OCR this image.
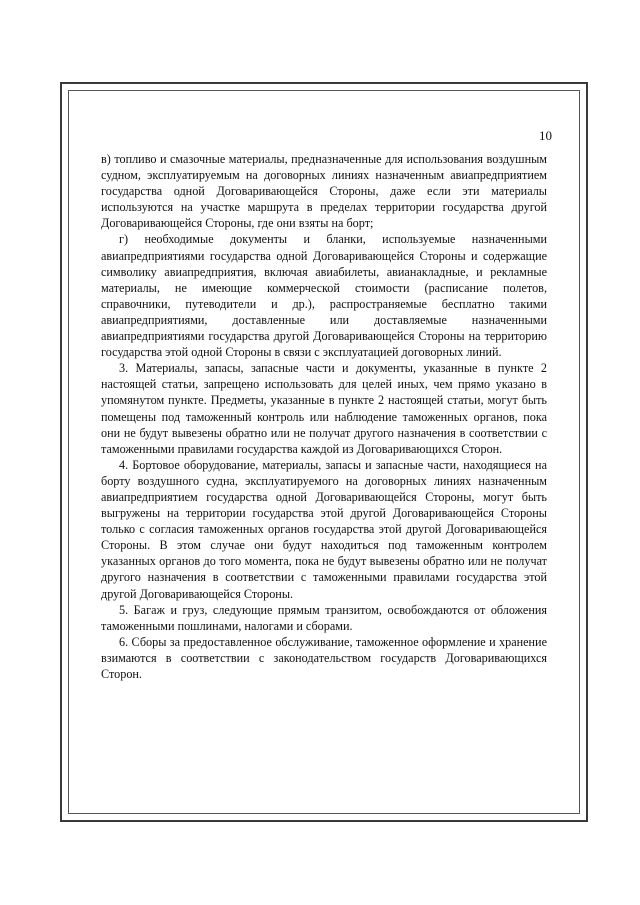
10

в) топливо и смазочные материалы, предназначенные для использования воздушным судном, эксплуатируемым на договорных линиях назначенным авиапредприятием государства одной Договаривающейся Стороны, даже если эти материалы используются на участке маршрута в пределах территории государства другой Договаривающейся Стороны, где они взяты на борт;

г) необходимые документы и бланки, используемые назначенными авиапредприятиями государства одной Договаривающейся Стороны и содержащие символику авиапредприятия, включая авиабилеты, авианакладные, и рекламные материалы, не имеющие коммерческой стоимости (расписание полетов, справочники, путеводители и др.), распространяемые бесплатно такими авиапредприятиями, доставленные или доставляемые назначенными авиапредприятиями государства другой Договаривающейся Стороны на территорию государства этой одной Стороны в связи с эксплуатацией договорных линий.

3. Материалы, запасы, запасные части и документы, указанные в пункте 2 настоящей статьи, запрещено использовать для целей иных, чем прямо указано в упомянутом пункте. Предметы, указанные в пункте 2 настоящей статьи, могут быть помещены под таможенный контроль или наблюдение таможенных органов, пока они не будут вывезены обратно или не получат другого назначения в соответствии с таможенными правилами государства каждой из Договаривающихся Сторон.

4. Бортовое оборудование, материалы, запасы и запасные части, находящиеся на борту воздушного судна, эксплуатируемого на договорных линиях назначенным авиапредприятием государства одной Договаривающейся Стороны, могут быть выгружены на территории государства этой другой Договаривающейся Стороны только с согласия таможенных органов государства этой другой Договаривающейся Стороны. В этом случае они будут находиться под таможенным контролем указанных органов до того момента, пока не будут вывезены обратно или не получат другого назначения в соответствии с таможенными правилами государства этой другой Договаривающейся Стороны.

5. Багаж и груз, следующие прямым транзитом, освобождаются от обложения таможенными пошлинами, налогами и сборами.

6. Сборы за предоставленное обслуживание, таможенное оформление и хранение взимаются в соответствии с законодательством государств Договаривающихся Сторон.
